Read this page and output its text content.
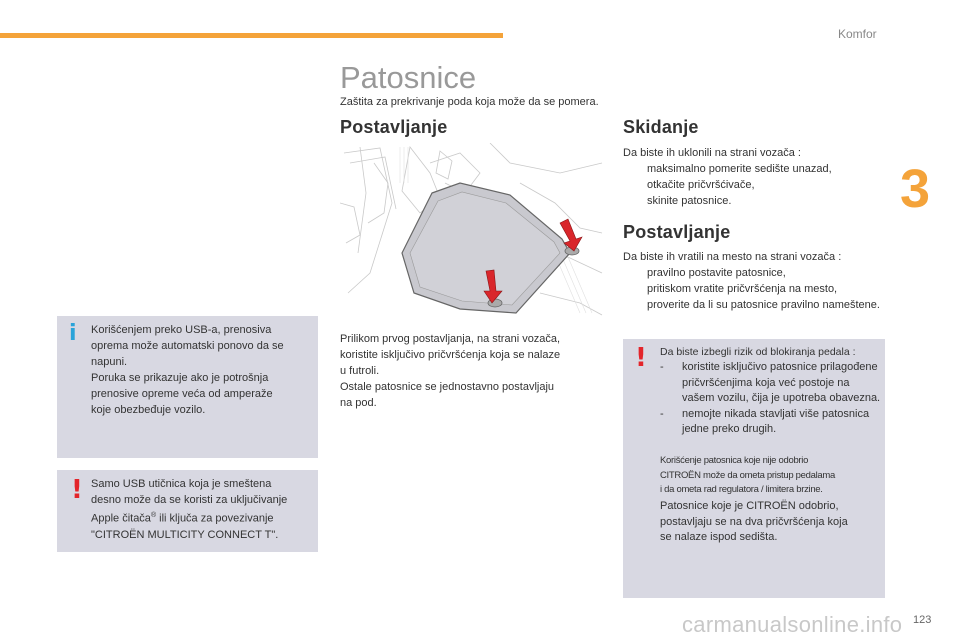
Komfor
3
Patosnice
Zaštita za prekrivanje poda koja može da se pomera.
Postavljanje
Prilikom prvog postavljanja, na strani vozača,
koristite isključivo pričvršćenja koja se nalaze
u futroli.
Ostale patosnice se jednostavno postavljaju
na pod.
i Korišćenjem preko USB-a, prenosiva
oprema može automatski ponovo da se
napuni.
Poruka se prikazuje ako je potrošnja
prenosive opreme veća od amperaže
koje obezbeđuje vozilo.
! Samo USB utičnica koja je smeštena
desno može da se koristi za uključivanje
Apple čitača® ili ključa za povezivanje
"CITROËN MULTICITY CONNECT T".
Skidanje
Da biste ih uklonili na strani vozača :
maksimalno pomerite sedište unazad,
otkačite pričvršćivače,
skinite patosnice.
Postavljanje
Da biste ih vratili na mesto na strani vozača :
pravilno postavite patosnice,
pritiskom vratite pričvršćenja na mesto,
proverite da li su patosnice pravilno nameštene.
! Da biste izbegli rizik od blokiranja pedala :
- koristite isključivo patosnice prilagođene pričvršćenjima koja već postoje na vašem vozilu, čija je upotreba obavezna.
- nemojte nikada stavljati više patosnica jedne preko drugih.
Korišćenje patosnica koje nije odobrio
CITROËN može da ometa pristup pedalama
i da ometa rad regulatora / limitera brzine.
Patosnice koje je CITROËN odobrio,
postavljaju se na dva pričvršćenja koja
se nalaze ispod sedišta.
carmanualsonline.info 123
